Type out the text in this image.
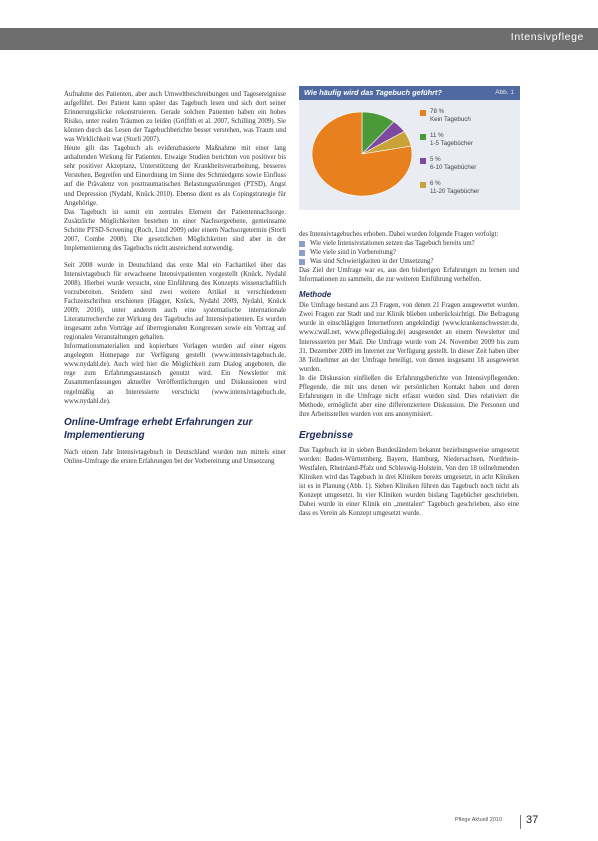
Intensivpflege

Aufnahme des Patienten, aber auch Umweltbeschreibungen und Tagesereignisse aufgeführt. Der Patient kann später das Tagebuch lesen und sich dort seiner Erinnerungslücke rekonstruieren. Gerade solchen Patienten haben ein hohes Risiko, unter realen Träumen zu leiden (Griffith et al. 2007, Schilling 2009). Sie können durch das Lesen der Tagebuchberichte besser verstehen, was Traum und was Wirklichkeit war (Storli 2007).

Heute gilt das Tagebuch als evidenzbasierte Maßnahme mit einer lang anhaltenden Wirkung für Patienten. Etwaige Studien berichten von positiver bis sehr positiver Akzeptanz, Unterstützung der Krankheitsverarbeitung, besseres Verstehen, Begreifen und Einordnung im Sinne des Schmiedgens sowie Einfluss auf die Prävalenz von posttraumatischen Belastungsstörungen (PTSD), Angst und Depression (Nydahl, Knück 2010). Ebenso dient es als Copingstrategie für Angehörige.

Das Tagebuch ist somit ein zentrales Element der Patientennachsorge. Zusätzliche Möglichkeiten bestehen in einer Nachsorgeebene, gemeinsame Schritte PTSD-Screening (Roch, Lind 2009) oder einem Nachsorgetermin (Storli 2007, Combe 2008). Die gesetzlichen Möglichkeiten sind aber in der Implementierung des Tagebuchs nicht ausreichend notwendig.

Seit 2008 wurde in Deutschland das erste Mal ein Fachartikel über das Intensivtagebuch für erwachsene Intensivpatienten vorgestellt (Knück, Nydahl 2008). Hierbei wurde versucht, eine Einführung des Konzepts wissenschaftlich vorzubereiten. Seitdem sind zwei weitere Artikel in verschiedenen Fachzeitschriften erschienen (Hagger, Knück, Nydahl 2009, Nydahl, Knück 2009, 2010), unter anderem auch eine systematische internationale Literaturrecherche zur Wirkung des Tagebuchs auf Intensivpatienten. Es wurden insgesamt zehn Vorträge auf überregionalen Kongressen sowie ein Vortrag auf regionalen Veranstaltungen gehalten.

Informationsmaterialien und kopierbare Vorlagen wurden auf einer eigens angelegten Homepage zur Verfügung gestellt (www.intensivtagebuch.de, www.nydahl.de). Auch wird hier die Möglichkeit zum Dialog angeboten, die rege zum Erfahrungsaustausch genutzt wird. Ein Newsletter mit Zusammenfassungen aktueller Veröffentlichungen und Diskussionen wird regelmäßig an Interessierte verschickt (www.intensivtagebuch.de, www.nydahl.de).

Online-Umfrage erhebt Erfahrungen zur Implementierung

Nach einem Jahr Intensivtagebuch in Deutschland wurden nun mittels einer Online-Umfrage die ersten Erfahrungen bei der Vorbereitung und Umsetzung

Wie häufig wird das Tagebuch geführt?	Abb. 1
78 %
Kein Tagebuch
11 %
1-5 Tagebücher
5 %
6-10 Tagebücher
6 %
11-20 Tagebücher

des Intensivtagebuches erhoben. Dabei wurden folgende Fragen verfolgt:

Wie viele Intensivstationen setzen das Tagebuch bereits um?
Wie viele sind in Vorbereitung?
Was sind Schwierigkeiten in der Umsetzung?

Das Ziel der Umfrage war es, aus den bisherigen Erfahrungen zu lernen und Informationen zu sammeln, die zur weiteren Einführung verhelfen.

Methode

Die Umfrage bestand aus 23 Fragen, von denen 21 Fragen ausgewertet wurden. Zwei Fragen zur Stadt und zur Klinik blieben unberücksichtigt. Die Befragung wurde in einschlägigen Internetforen angekündigt (www.krankenschwester.de, www.cwall.net, www.pflegedialog.de) ausgesendet an einem Newsletter und Interessierten per Mail. Die Umfrage wurde vom 24. November 2009 bis zum 31. Dezember 2009 im Internet zur Verfügung gestellt. In dieser Zeit haben über 38 Teilnehmer an der Umfrage beteiligt, von denen insgesamt 18 ausgewertet wurden.

In die Diskussion einfließen die Erfahrungsberichte von Intensivpflegenden. Pflegende, die mit uns denen wir persönlichen Kontakt haben und deren Erfahrungen in die Umfrage nicht erfasst wurden sind. Dies relativiert die Methode, ermöglicht aber eine differenziertere Diskussion. Die Personen und ihre Arbeitsstellen wurden von uns anonymisiert.

Ergebnisse

Das Tagebuch ist in sieben Bundesländern bekannt beziehungsweise umgesetzt worden: Baden-Württemberg, Bayern, Hamburg, Niedersachsen, Nordrhein-Westfalen, Rheinland-Pfalz und Schleswig-Holstein. Von den 18 teilnehmenden Kliniken wird das Tagebuch in drei Kliniken bereits umgesetzt, in acht Kliniken ist es in Planung (Abb. 1). Sieben Kliniken führen das Tagebuch noch nicht als Konzept umgesetzt. In vier Kliniken wurden bislang Tagebücher geschrieben. Dabei wurde in einer Klinik ein „mentalen“ Tagebuch geschrieben, also eine dass es Verein als Konzept umgesetzt wurde.

Pflege Aktuell 2010 37
